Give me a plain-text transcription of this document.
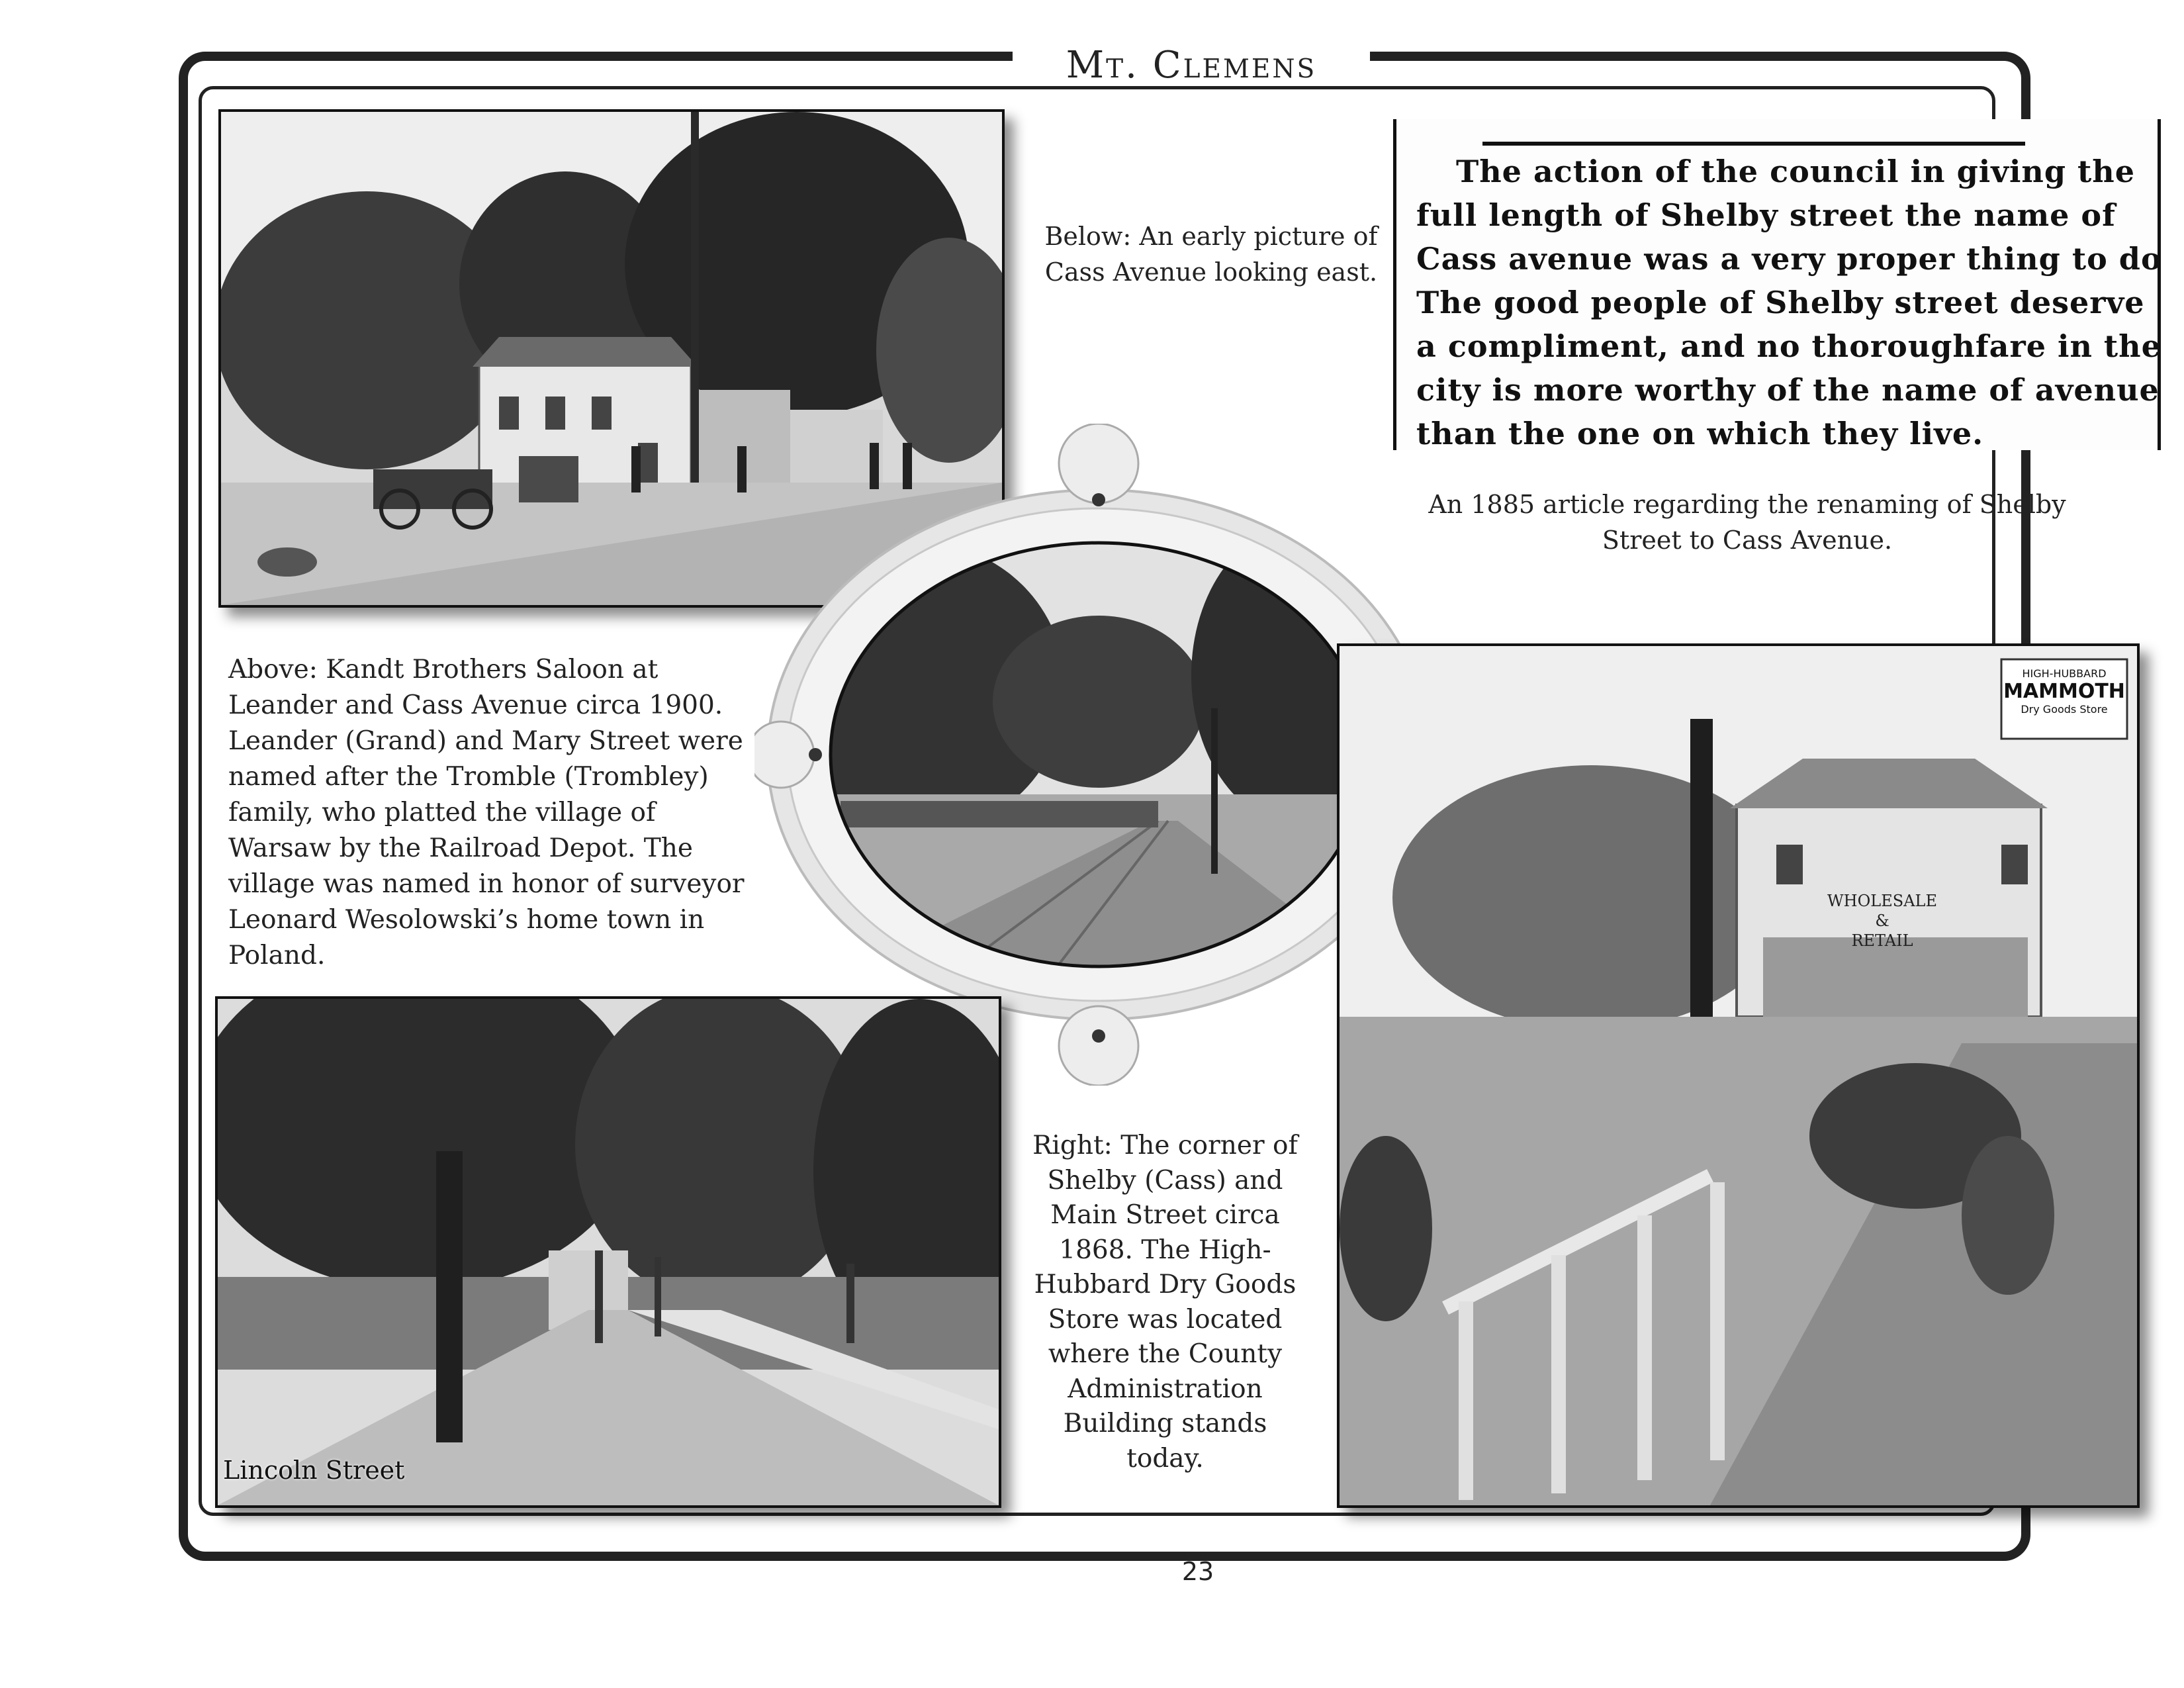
Mt. Clemens
Below: An early picture of Cass Avenue looking east.
The action of the council in giving the
full length of Shelby street the name of
Cass avenue was a very proper thing to do
The good people of Shelby street deserve
a compliment, and no thoroughfare in the
city is more worthy of the name of avenue
than the one on which they live.
An 1885 article regarding the renaming of Shelby Street to Cass Avenue.
Above: Kandt Brothers Saloon at Leander and Cass Avenue circa 1900. Leander (Grand) and Mary Street were named after the Tromble (Trombley) family, who platted the village of Warsaw by the Railroad Depot. The village was named in honor of surveyor Leonard Wesolowski’s home town in Poland.
Lincoln Street
Right: The corner of Shelby (Cass) and Main Street circa 1868. The High-Hubbard Dry Goods Store was located where the County Administration Building stands today.
HIGH-HUBBARD
MAMMOTH
Dry Goods Store
WHOLESALE
&
RETAIL
23
